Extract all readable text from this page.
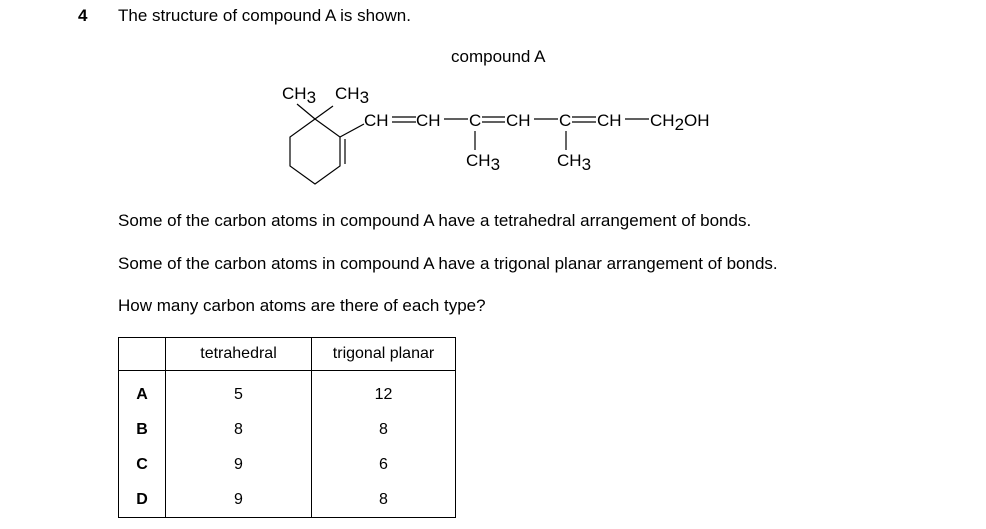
4 The structure of compound A is shown.
compound A
CH3 CH3
CH CH C CH C CH CH2OH
CH3	CH3
Some of the carbon atoms in compound A have a tetrahedral arrangement of bonds.
Some of the carbon atoms in compound A have a trigonal planar arrangement of bonds.
How many carbon atoms are there of each type?
	tetrahedral	trigonal planar
A	5	12
B	8	8
C	9	6
D	9	8
